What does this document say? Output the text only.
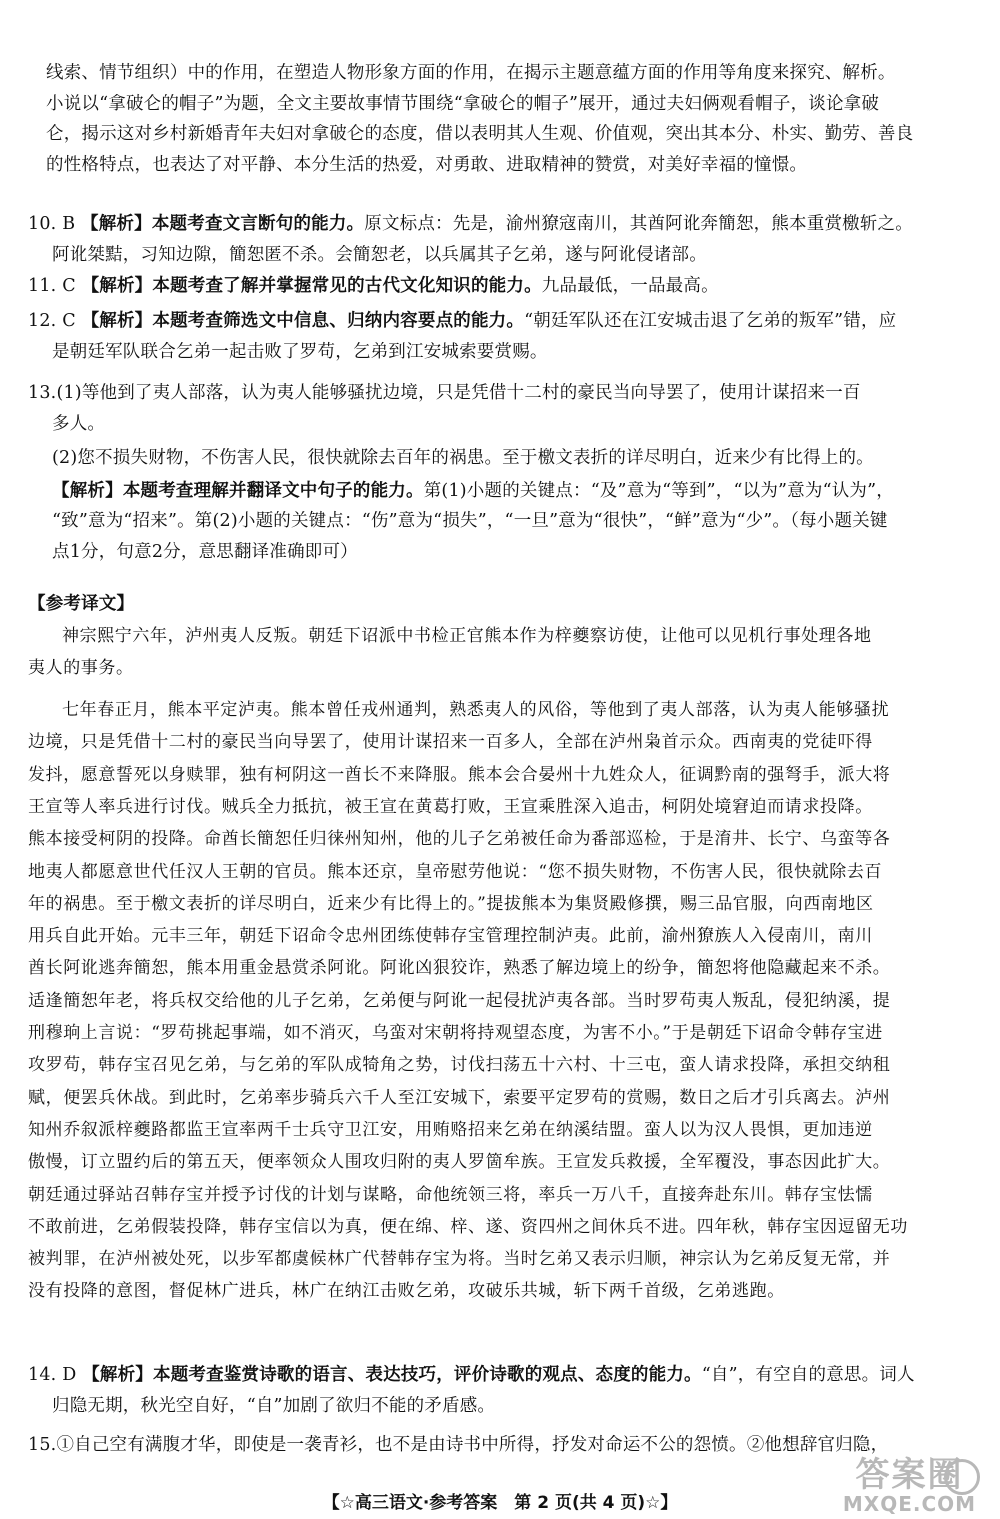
线索、情节组织）中的作用，在塑造人物形象方面的作用，在揭示主题意蕴方面的作用等角度来探究、解析。
小说以“拿破仑的帽子”为题，全文主要故事情节围绕“拿破仑的帽子”展开，通过夫妇俩观看帽子，谈论拿破
仑，揭示这对乡村新婚青年夫妇对拿破仑的态度，借以表明其人生观、价值观，突出其本分、朴实、勤劳、善良
的性格特点，也表达了对平静、本分生活的热爱，对勇敢、进取精神的赞赏，对美好幸福的憧憬。
10. B 【解析】本题考查文言断句的能力。原文标点：先是，渝州獠寇南川，其酋阿讹奔簡恕，熊本重赏檄斩之。
阿讹桀黠，习知边隙，簡恕匿不杀。会簡恕老，以兵属其子乞弟，遂与阿讹侵诸部。
11. C 【解析】本题考查了解并掌握常见的古代文化知识的能力。九品最低，一品最高。
12. C 【解析】本题考查筛选文中信息、归纳内容要点的能力。“朝廷军队还在江安城击退了乞弟的叛军”错，应
是朝廷军队联合乞弟一起击败了罗苟，乞弟到江安城索要赏赐。
13.(1)等他到了夷人部落，认为夷人能够骚扰边境，只是凭借十二村的豪民当向导罢了，使用计谋招来一百
多人。
(2)您不损失财物，不伤害人民，很快就除去百年的祸患。至于檄文表折的详尽明白，近来少有比得上的。
【解析】本题考查理解并翻译文中句子的能力。第(1)小题的关键点：“及”意为“等到”，“以为”意为“认为”，
“致”意为“招来”。第(2)小题的关键点：“伤”意为“损失”，“一旦”意为“很快”，“鲜”意为“少”。（每小题关键
点1分，句意2分，意思翻译准确即可）
【参考译文】
神宗熙宁六年，泸州夷人反叛。朝廷下诏派中书检正官熊本作为梓夔察访使，让他可以见机行事处理各地
夷人的事务。
七年春正月，熊本平定泸夷。熊本曾任戎州通判，熟悉夷人的风俗，等他到了夷人部落，认为夷人能够骚扰
边境，只是凭借十二村的豪民当向导罢了，使用计谋招来一百多人，全部在泸州枭首示众。西南夷的党徒吓得
发抖，愿意誓死以身赎罪，独有柯阴这一酋长不来降服。熊本会合晏州十九姓众人，征调黔南的强弩手，派大将
王宣等人率兵进行讨伐。贼兵全力抵抗，被王宣在黄葛打败，王宣乘胜深入追击，柯阴处境窘迫而请求投降。
熊本接受柯阴的投降。命酋长簡恕任归徕州知州，他的儿子乞弟被任命为番部巡检，于是淯井、长宁、乌蛮等各
地夷人都愿意世代任汉人王朝的官员。熊本还京，皇帝慰劳他说：“您不损失财物，不伤害人民，很快就除去百
年的祸患。至于檄文表折的详尽明白，近来少有比得上的。”提拔熊本为集贤殿修撰，赐三品官服，向西南地区
用兵自此开始。元丰三年，朝廷下诏命令忠州团练使韩存宝管理控制泸夷。此前，渝州獠族人入侵南川，南川
酋长阿讹逃奔簡恕，熊本用重金悬赏杀阿讹。阿讹凶狠狡诈，熟悉了解边境上的纷争，簡恕将他隐藏起来不杀。
适逢簡恕年老，将兵权交给他的儿子乞弟，乞弟便与阿讹一起侵扰泸夷各部。当时罗苟夷人叛乱，侵犯纳溪，提
刑穆珦上言说：“罗苟挑起事端，如不消灭，乌蛮对宋朝将持观望态度，为害不小。”于是朝廷下诏命令韩存宝进
攻罗苟，韩存宝召见乞弟，与乞弟的军队成犄角之势，讨伐扫荡五十六村、十三屯，蛮人请求投降，承担交纳租
赋，便罢兵休战。到此时，乞弟率步骑兵六千人至江安城下，索要平定罗苟的赏赐，数日之后才引兵离去。泸州
知州乔叙派梓夔路都监王宣率两千士兵守卫江安，用贿赂招来乞弟在纳溪结盟。蛮人以为汉人畏惧，更加违逆
傲慢，订立盟约后的第五天，便率领众人围攻归附的夷人罗箇牟族。王宣发兵救援，全军覆没，事态因此扩大。
朝廷通过驿站召韩存宝并授予讨伐的计划与谋略，命他统领三将，率兵一万八千，直接奔赴东川。韩存宝怯懦
不敢前进，乞弟假装投降，韩存宝信以为真，便在绵、梓、遂、资四州之间休兵不进。四年秋，韩存宝因逗留无功
被判罪，在泸州被处死，以步军都虞候林广代替韩存宝为将。当时乞弟又表示归顺，神宗认为乞弟反复无常，并
没有投降的意图，督促林广进兵，林广在纳江击败乞弟，攻破乐共城，斩下两千首级，乞弟逃跑。
14. D 【解析】本题考查鉴赏诗歌的语言、表达技巧，评价诗歌的观点、态度的能力。“自”，有空自的意思。词人
归隐无期，秋光空自好，“自”加剧了欲归不能的矛盾感。
15.①自己空有满腹才华，即使是一袭青衫，也不是由诗书中所得，抒发对命运不公的怨愤。②他想辞官归隐，
【☆高三语文·参考答案　第 2 页(共 4 页)☆】
答案圈
MXQE.COM
